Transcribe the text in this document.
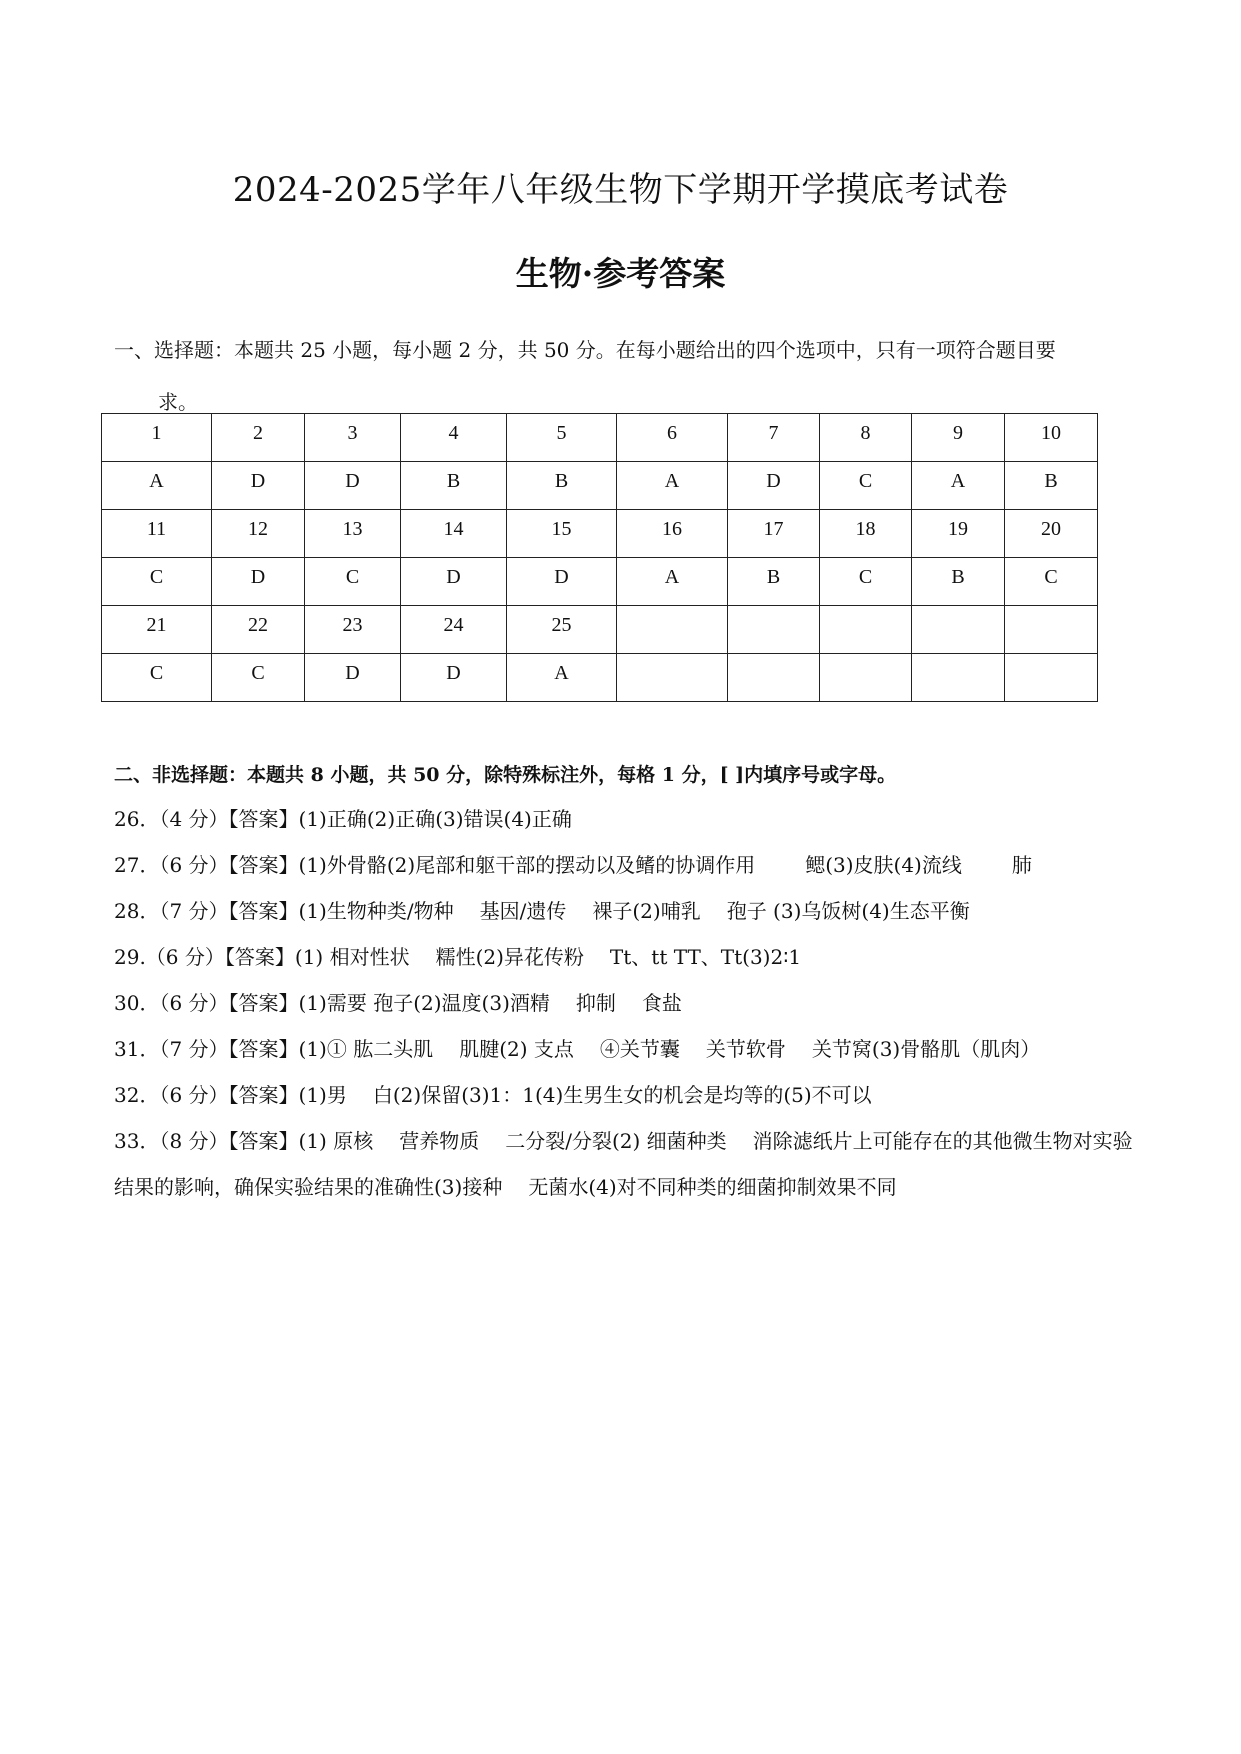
2024-2025学年八年级生物下学期开学摸底考试卷
生物·参考答案
一、选择题：本题共 25 小题，每小题 2 分，共 50 分。在每小题给出的四个选项中，只有一项符合题目要
求。
1	2	3	4	5	6	7	8	9	10
A	D	D	B	B	A	D	C	A	B
11	12	13	14	15	16	17	18	19	20
C	D	C	D	D	A	B	C	B	C
21	22	23	24	25					
C	C	D	D	A					
二、非选择题：本题共 8 小题，共 50 分，除特殊标注外，每格 1 分，[ ]内填序号或字母。

26．（4 分）【答案】(1)正确(2)正确(3)错误(4)正确

27．（6 分）【答案】(1)外骨骼(2)尾部和躯干部的摆动以及鳍的协调作用	鳃(3)皮肤(4)流线	肺

28．（7 分）【答案】(1)生物种类/物种 基因/遗传 裸子(2)哺乳 孢子 (3)乌饭树(4)生态平衡

29.（6 分）【答案】(1) 相对性状 糯性(2)异花传粉 Tt、tt TT、Tt(3)2∶1

30．（6 分）【答案】(1)需要 孢子(2)温度(3)酒精 抑制 食盐

31．（7 分）【答案】(1)① 肱二头肌 肌腱(2) 支点 ④关节囊 关节软骨 关节窝(3)骨骼肌（肌肉）

32．（6 分）【答案】(1)男 白(2)保留(3)1：1(4)生男生女的机会是均等的(5)不可以

33．（8 分）【答案】(1) 原核 营养物质 二分裂/分裂(2) 细菌种类 消除滤纸片上可能存在的其他微生物对实验结果的影响，确保实验结果的准确性(3)接种 无菌水(4)对不同种类的细菌抑制效果不同
